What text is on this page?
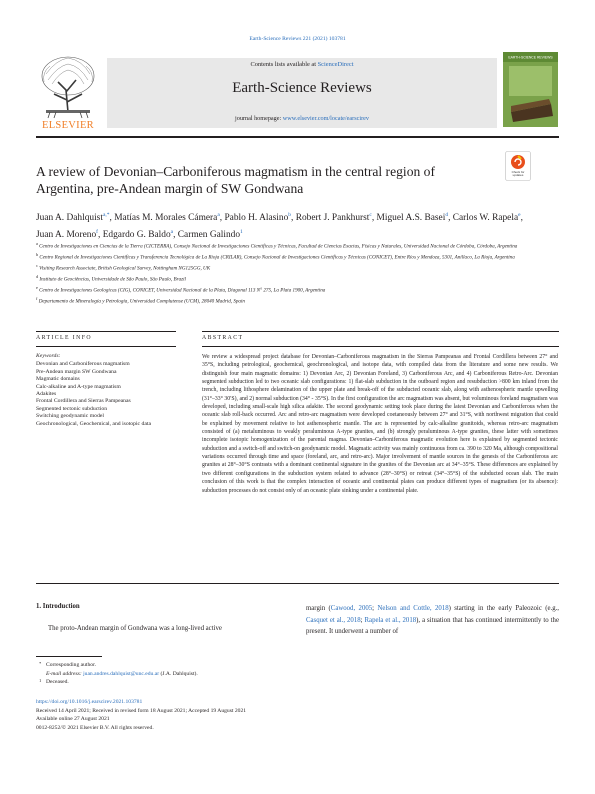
Earth-Science Reviews 221 (2021) 103781
ELSEVIER
Contents lists available at ScienceDirect
Earth-Science Reviews
journal homepage: www.elsevier.com/locate/earscirev
EARTH-SCIENCE REVIEWS
A review of Devonian–Carboniferous magmatism in the central region of Argentina, pre-Andean margin of SW Gondwana
Check for updates
Juan A. Dahlquist$^{a,*}$, Matías M. Morales Cámera$^a$, Pablo H. Alasino$^b$, Robert J. Pankhurst$^c$, Miguel A.S. Basei$^d$, Carlos W. Rapela$^e$, Juan A. Moreno$^f$, Edgardo G. Baldo$^a$, Carmen Galindo$^1$
$^a$ Centro de Investigaciones en Ciencias de la Tierra (CICTERRA), Consejo Nacional de Investigaciones Científicas y Técnicas, Facultad de Ciencias Exactas, Físicas y Naturales, Universidad Nacional de Córdoba, Córdoba, Argentina
$^b$ Centro Regional de Investigaciones Científicas y Transferencia Tecnológica de La Rioja (CRILAR), Consejo Nacional de Investigaciones Científicas y Técnicas (CONICET), Entre Ríos y Mendoza, 5301, Anillaco, La Rioja, Argentina
$^c$ Visiting Research Associate, British Geological Survey, Nottingham NG125GG, UK
$^d$ Instituto de Geociências, Universidade de São Paulo, São Paulo, Brazil
$^e$ Centro de Investigaciones Geologicas (CIG), CONICET, Universidad Nacional de la Plata, Diagonal 113 N° 275, La Plata 1900, Argentina
$^f$ Departamento de Mineralogía y Petrología, Universidad Complutense (UCM), 28040 Madrid, Spain
ARTICLE INFO	ABSTRACT
Keywords:
Devonian and Carboniferous magmatism
Pre-Andean margin SW Gondwana
Magmatic domains
Calc-alkaline and A-type magmatism
Adakites
Frontal Cordillera and Sierras Pampeanas
Segmented tectonic subduction
Switching geodynamic model
Geochronological, Geochemical, and isotopic data

We review a widespread project database for Devonian–Carboniferous magmatism in the Sierras Pampeanas and Frontal Cordillera between 27° and 35°S, including petrological, geochemical, geochronological, and isotope data, with compiled data from the literature and some new results. We distinguish four main magmatic domains: 1) Devonian Arc, 2) Devonian Foreland, 3) Carboniferous Arc, and 4) Carboniferous Retro-Arc. Devonian segmented subduction led to two oceanic slab configurations: 1) flat-slab subduction in the outboard region and resubduction >800 km inland from the trench, including lithosphere delamination of the upper plate and break-off of the subducted oceanic slab, along with asthenospheric mantle upwelling (31°–33° 30′S), and 2) normal subduction (34° - 35°S). In the first configuration the arc magmatism was absent, but voluminous foreland magmatism was developed, including small-scale high silica adakite. The second geodynamic setting took place during the latest Devonian and Carboniferous when the oceanic slab roll-back occurred. Arc and retro-arc magmatism were developed coetaneously between 27° and 31°S, with northwest migration that could be explained by movement relative to hot asthenospheric mantle. The arc is represented by calc-alkaline granitoids, whereas retro-arc magmatism consisted of (a) metaluminous to weakly peraluminous A-type granites, and (b) strongly peraluminous A-type granites, these latter with sometimes incomplete isotopic homogenization of the parental magma. Devonian–Carboniferous magmatic evolution here is explained by segmented tectonic subduction and a switch-off and switch-on geodynamic model. Magmatic activity was mainly continuous from ca. 390 to 320 Ma, although compositional variations occurred through time and space (foreland, arc, and retro-arc). Major involvement of mantle sources in the genesis of the Carboniferous arc granites at 28°–30°S contrasts with a dominant continental signature in the granites of the Devonian arc at 34°–35°S. These differences are explained by two different configurations in the subduction system related to advance (28°–30°S) or retreat (34°–35°S) of the subducted ocean slab. The main conclusion of this work is that the complex interaction of oceanic and continental plates can produce different types of magmatism (or its absence): subduction processes do not consist only of an oceanic plate sinking under a continental plate.

1. Introduction

The proto-Andean margin of Gondwana was a long-lived active

margin (Cawood, 2005; Nelson and Cottle, 2018) starting in the early Paleozoic (e.g., Casquet et al., 2018; Rapela et al., 2018), a situation that has continued intermittently to the present. It underwent a number of

* Corresponding author.
E-mail address: juan.andres.dahlquist@unc.edu.ar (J.A. Dahlquist).
1 Deceased.
https://doi.org/10.1016/j.earscirev.2021.103781
Received 14 April 2021; Received in revised form 18 August 2021; Accepted 19 August 2021
Available online 27 August 2021
0012-8252/© 2021 Elsevier B.V. All rights reserved.
